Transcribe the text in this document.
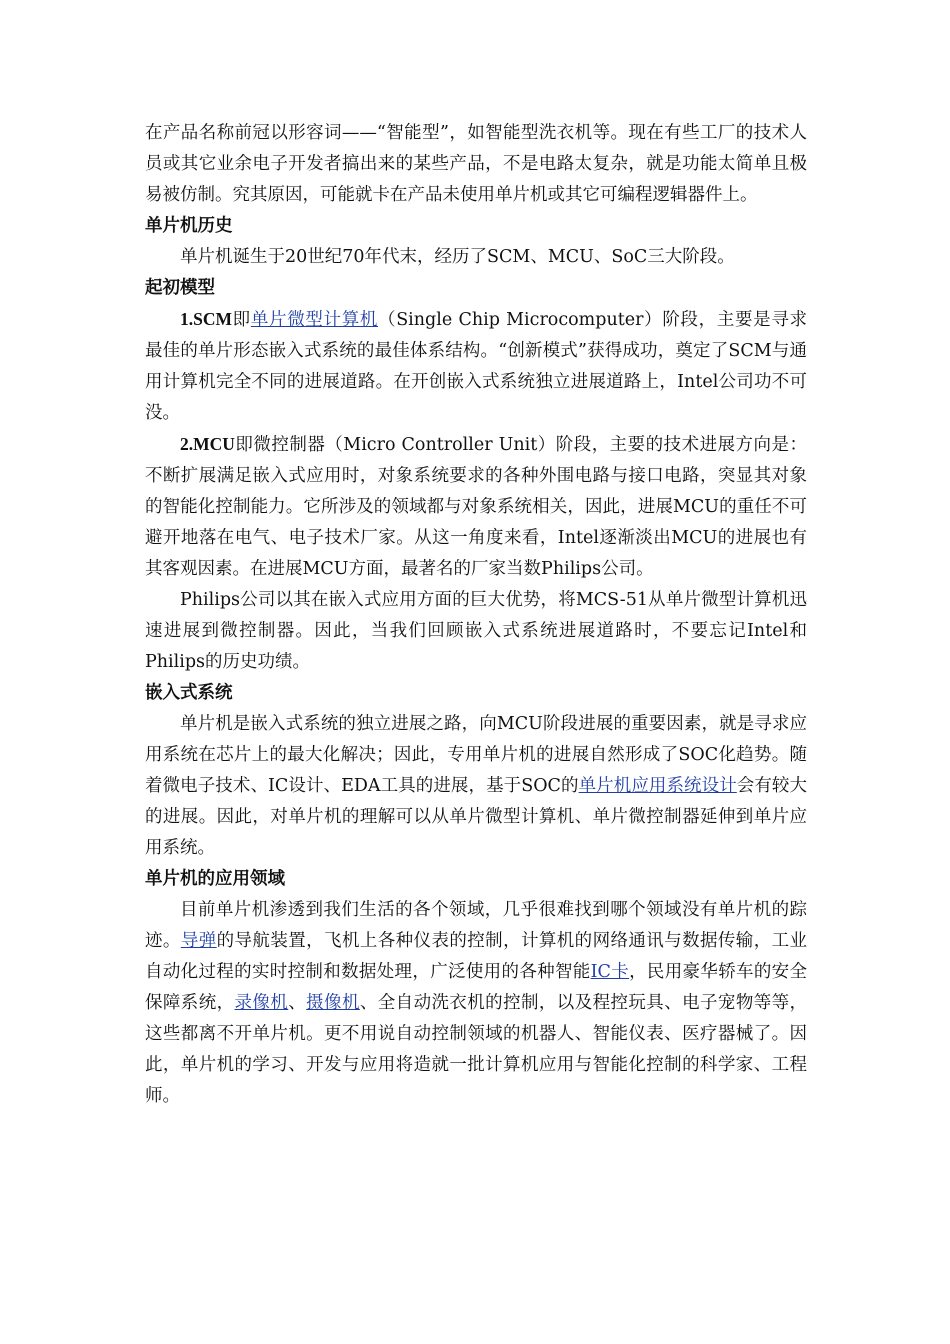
在产品名称前冠以形容词——“智能型”，如智能型洗衣机等。现在有些工厂的技术人员或其它业余电子开发者搞出来的某些产品，不是电路太复杂，就是功能太简单且极易被仿制。究其原因，可能就卡在产品未使用单片机或其它可编程逻辑器件上。

单片机历史

单片机诞生于20世纪70年代末，经历了SCM、MCU、SoC三大阶段。

起初模型

1.SCM即单片微型计算机（Single Chip Microcomputer）阶段，主要是寻求最佳的单片形态嵌入式系统的最佳体系结构。“创新模式”获得成功，奠定了SCM与通用计算机完全不同的进展道路。在开创嵌入式系统独立进展道路上，Intel公司功不可没。

2.MCU即微控制器（Micro Controller Unit）阶段，主要的技术进展方向是：不断扩展满足嵌入式应用时，对象系统要求的各种外围电路与接口电路，突显其对象的智能化控制能力。它所涉及的领域都与对象系统相关，因此，进展MCU的重任不可避开地落在电气、电子技术厂家。从这一角度来看，Intel逐渐淡出MCU的进展也有其客观因素。在进展MCU方面，最著名的厂家当数Philips公司。

Philips公司以其在嵌入式应用方面的巨大优势，将MCS-51从单片微型计算机迅速进展到微控制器。因此，当我们回顾嵌入式系统进展道路时，不要忘记Intel和Philips的历史功绩。

嵌入式系统

单片机是嵌入式系统的独立进展之路，向MCU阶段进展的重要因素，就是寻求应用系统在芯片上的最大化解决；因此，专用单片机的进展自然形成了SOC化趋势。随着微电子技术、IC设计、EDA工具的进展，基于SOC的单片机应用系统设计会有较大的进展。因此，对单片机的理解可以从单片微型计算机、单片微控制器延伸到单片应用系统。

单片机的应用领域

目前单片机渗透到我们生活的各个领域，几乎很难找到哪个领域没有单片机的踪迹。导弹的导航装置，飞机上各种仪表的控制，计算机的网络通讯与数据传输，工业自动化过程的实时控制和数据处理，广泛使用的各种智能IC卡，民用豪华轿车的安全保障系统，录像机、摄像机、全自动洗衣机的控制，以及程控玩具、电子宠物等等，这些都离不开单片机。更不用说自动控制领域的机器人、智能仪表、医疗器械了。因此，单片机的学习、开发与应用将造就一批计算机应用与智能化控制的科学家、工程师。
